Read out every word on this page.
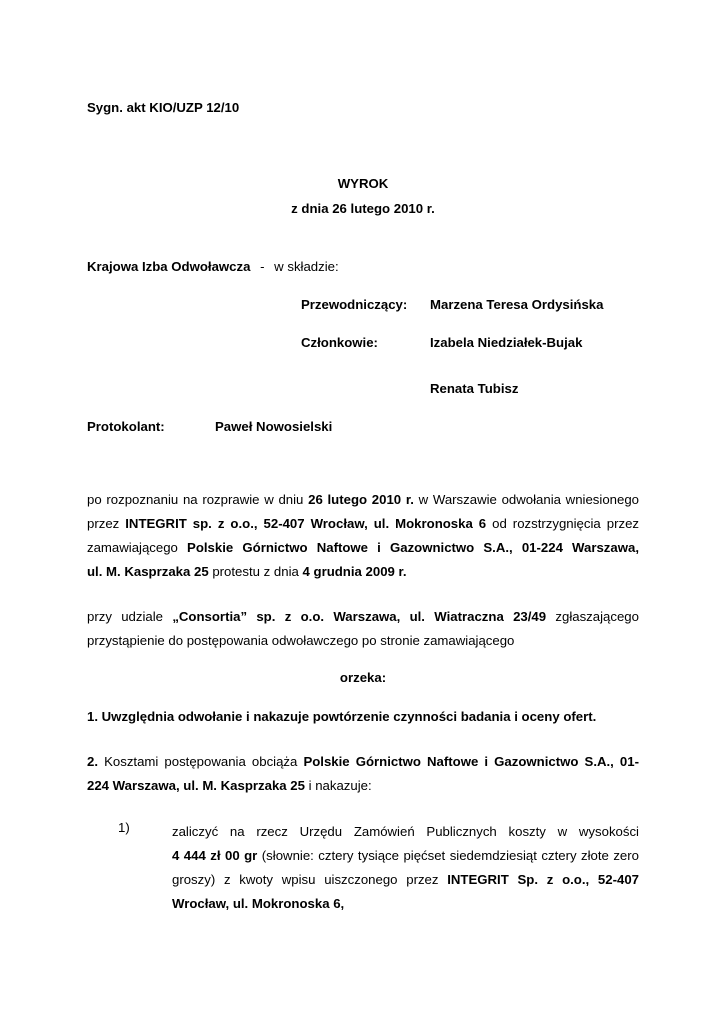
Sygn. akt KIO/UZP 12/10
WYROK
z dnia 26 lutego 2010 r.
Krajowa Izba Odwoławcza - w składzie:
Przewodniczący: Marzena Teresa Ordysińska
Członkowie:	Izabela Niedziałek-Bujak
Renata Tubisz
Protokolant:	Paweł Nowosielski
po rozpoznaniu na rozprawie w dniu 26 lutego 2010 r. w Warszawie odwołania wniesionego
przez INTEGRIT sp. z o.o., 52-407 Wrocław, ul. Mokronoska 6 od rozstrzygnięcia przez
zamawiającego Polskie Górnictwo Naftowe i Gazownictwo S.A., 01-224 Warszawa,
ul. M. Kasprzaka 25 protestu z dnia 4 grudnia 2009 r.
przy udziale „Consortia” sp. z o.o. Warszawa, ul. Wiatraczna 23/49 zgłaszającego
przystąpienie do postępowania odwoławczego po stronie zamawiającego
orzeka:
1. Uwzględnia odwołanie i nakazuje powtórzenie czynności badania i oceny ofert.
2. Kosztami postępowania obciąża Polskie Górnictwo Naftowe i Gazownictwo S.A., 01-
224 Warszawa, ul. M. Kasprzaka 25 i nakazuje:
1)	zaliczyć na rzecz Urzędu Zamówień Publicznych koszty w wysokości
4 444 zł 00 gr (słownie: cztery tysiące pięćset siedemdziesiąt cztery złote zero
groszy) z kwoty wpisu uiszczonego przez INTEGRIT Sp. z o.o., 52-407
Wrocław, ul. Mokronoska 6,
